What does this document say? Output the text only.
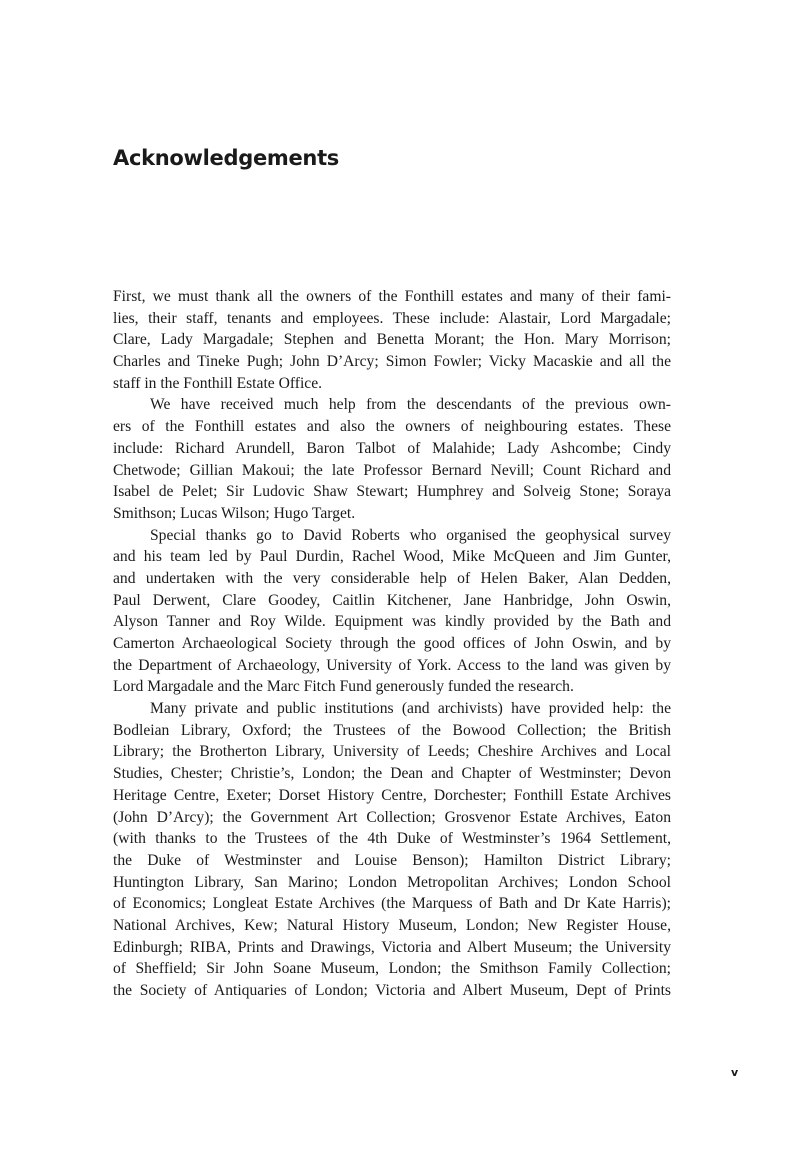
Acknowledgements
First, we must thank all the owners of the Fonthill estates and many of their fami-
lies, their staff, tenants and employees. These include: Alastair, Lord Margadale;
Clare, Lady Margadale; Stephen and Benetta Morant; the Hon. Mary Morrison;
Charles and Tineke Pugh; John D’Arcy; Simon Fowler; Vicky Macaskie and all the
staff in the Fonthill Estate Office.
We have received much help from the descendants of the previous own-
ers of the Fonthill estates and also the owners of neighbouring estates. These
include: Richard Arundell, Baron Talbot of Malahide; Lady Ashcombe; Cindy
Chetwode; Gillian Makoui; the late Professor Bernard Nevill; Count Richard and
Isabel de Pelet; Sir Ludovic Shaw Stewart; Humphrey and Solveig Stone; Soraya
Smithson; Lucas Wilson; Hugo Target.
Special thanks go to David Roberts who organised the geophysical survey
and his team led by Paul Durdin, Rachel Wood, Mike McQueen and Jim Gunter,
and undertaken with the very considerable help of Helen Baker, Alan Dedden,
Paul Derwent, Clare Goodey, Caitlin Kitchener, Jane Hanbridge, John Oswin,
Alyson Tanner and Roy Wilde. Equipment was kindly provided by the Bath and
Camerton Archaeological Society through the good offices of John Oswin, and by
the Department of Archaeology, University of York. Access to the land was given by
Lord Margadale and the Marc Fitch Fund generously funded the research.
Many private and public institutions (and archivists) have provided help: the
Bodleian Library, Oxford; the Trustees of the Bowood Collection; the British
Library; the Brotherton Library, University of Leeds; Cheshire Archives and Local
Studies, Chester; Christie’s, London; the Dean and Chapter of Westminster; Devon
Heritage Centre, Exeter; Dorset History Centre, Dorchester; Fonthill Estate Archives
(John D’Arcy); the Government Art Collection; Grosvenor Estate Archives, Eaton
(with thanks to the Trustees of the 4th Duke of Westminster’s 1964 Settlement,
the Duke of Westminster and Louise Benson); Hamilton District Library;
Huntington Library, San Marino; London Metropolitan Archives; London School
of Economics; Longleat Estate Archives (the Marquess of Bath and Dr Kate Harris);
National Archives, Kew; Natural History Museum, London; New Register House,
Edinburgh; RIBA, Prints and Drawings, Victoria and Albert Museum; the University
of Sheffield; Sir John Soane Museum, London; the Smithson Family Collection;
the Society of Antiquaries of London; Victoria and Albert Museum, Dept of Prints
v
